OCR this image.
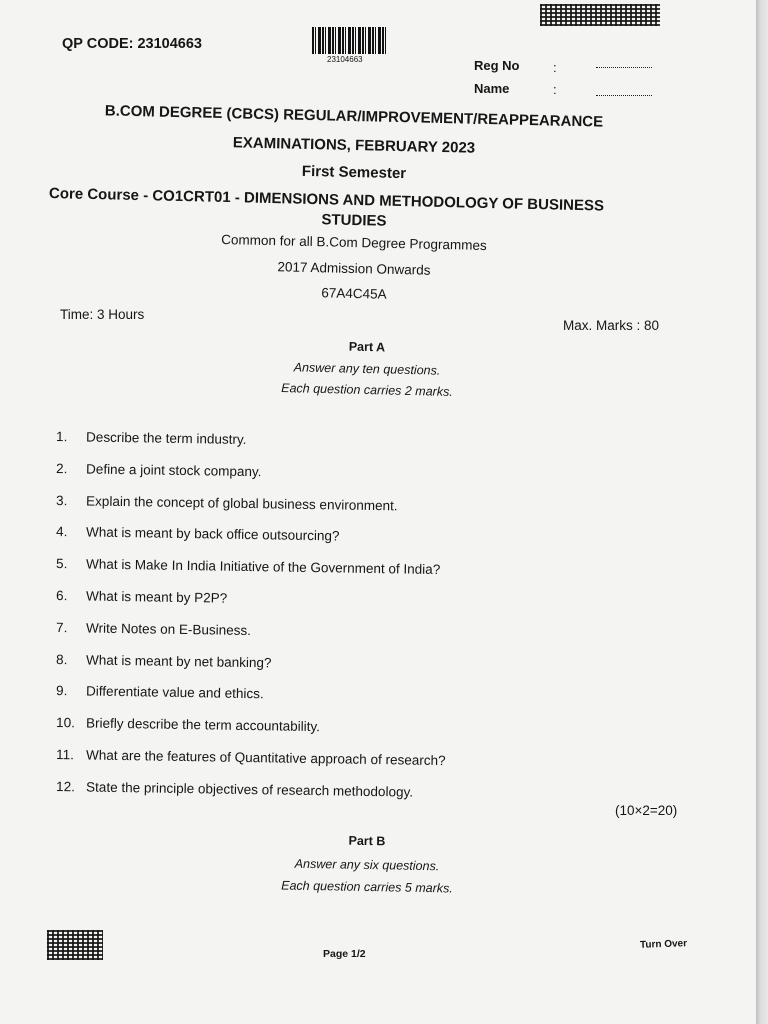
QP CODE: 23104663
23104663	Reg No	:
Name	:
B.COM DEGREE (CBCS) REGULAR/IMPROVEMENT/REAPPEARANCE
EXAMINATIONS, FEBRUARY 2023
First Semester
Core Course - CO1CRT01 - DIMENSIONS AND METHODOLOGY OF BUSINESS
STUDIES
Common for all B.Com Degree Programmes
2017 Admission Onwards
67A4C45A
Time: 3 Hours
Max. Marks : 80
Part A
Answer any ten questions.
Each question carries 2 marks.
1.	Describe the term industry.
2.	Define a joint stock company.
3.	Explain the concept of global business environment.
4.	What is meant by back office outsourcing?
5.	What is Make In India Initiative of the Government of India?
6.	What is meant by P2P?
7.	Write Notes on E-Business.
8.	What is meant by net banking?
9.	Differentiate value and ethics.
10. Briefly describe the term accountability.
11. What are the features of Quantitative approach of research?
12. State the principle objectives of research methodology.
(10×2=20)
Part B
Answer any six questions.
Each question carries 5 marks.
Page 1/2
Turn Over
